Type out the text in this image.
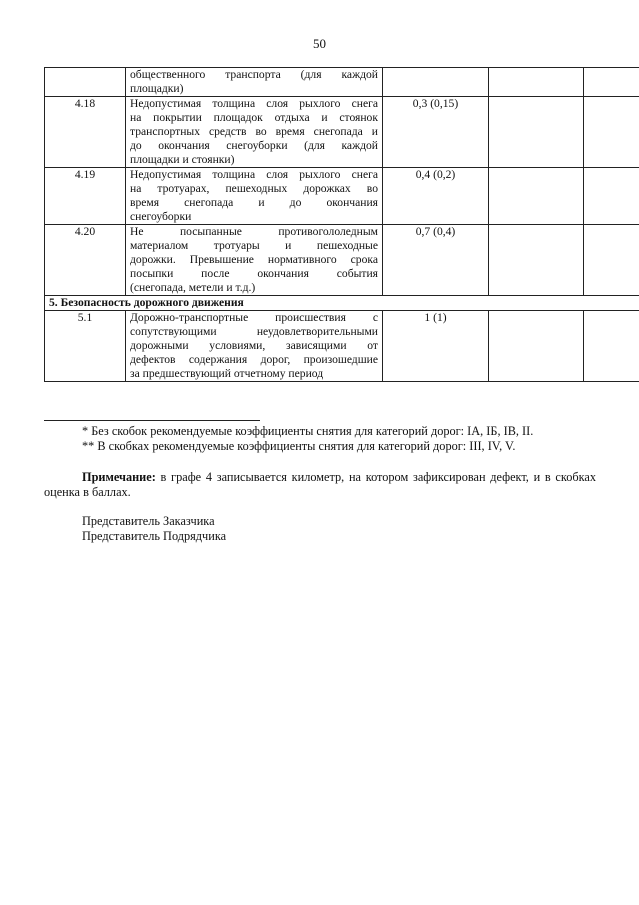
50

	общественного транспорта (для каждой
площадки)			

4.18	Недопустимая толщина слоя рыхлого снега
на покрытии площадок отдыха и стоянок
транспортных средств во время снегопада и
до окончания снегоуборки (для каждой
площадки и стоянки)	0,3 (0,15)		
4.19	Недопустимая толщина слоя рыхлого снега
на тротуарах, пешеходных дорожках во
время снегопада и до окончания
снегоуборки	0,4 (0,2)		
4.20	Не посыпанные противогололедным
материалом тротуары и пешеходные
дорожки. Превышение нормативного срока
посыпки после окончания события
(снегопада, метели и т.д.)	0,7 (0,4)		
5. Безопасность дорожного движения				
5.1	Дорожно-транспортные происшествия с
сопутствующими неудовлетворительными
дорожными условиями, зависящими от
дефектов содержания дорог, произошедшие
за предшествующий отчетному период	1 (1)		
* Без скобок рекомендуемые коэффициенты снятия для категорий дорог: IA, IБ, IB, II.
** В скобках рекомендуемые коэффициенты снятия для категорий дорог: III, IV, V.
Примечание: в графе 4 записывается километр, на котором зафиксирован дефект, и в скобках оценка в баллах.
Представитель Заказчика
Представитель Подрядчика
